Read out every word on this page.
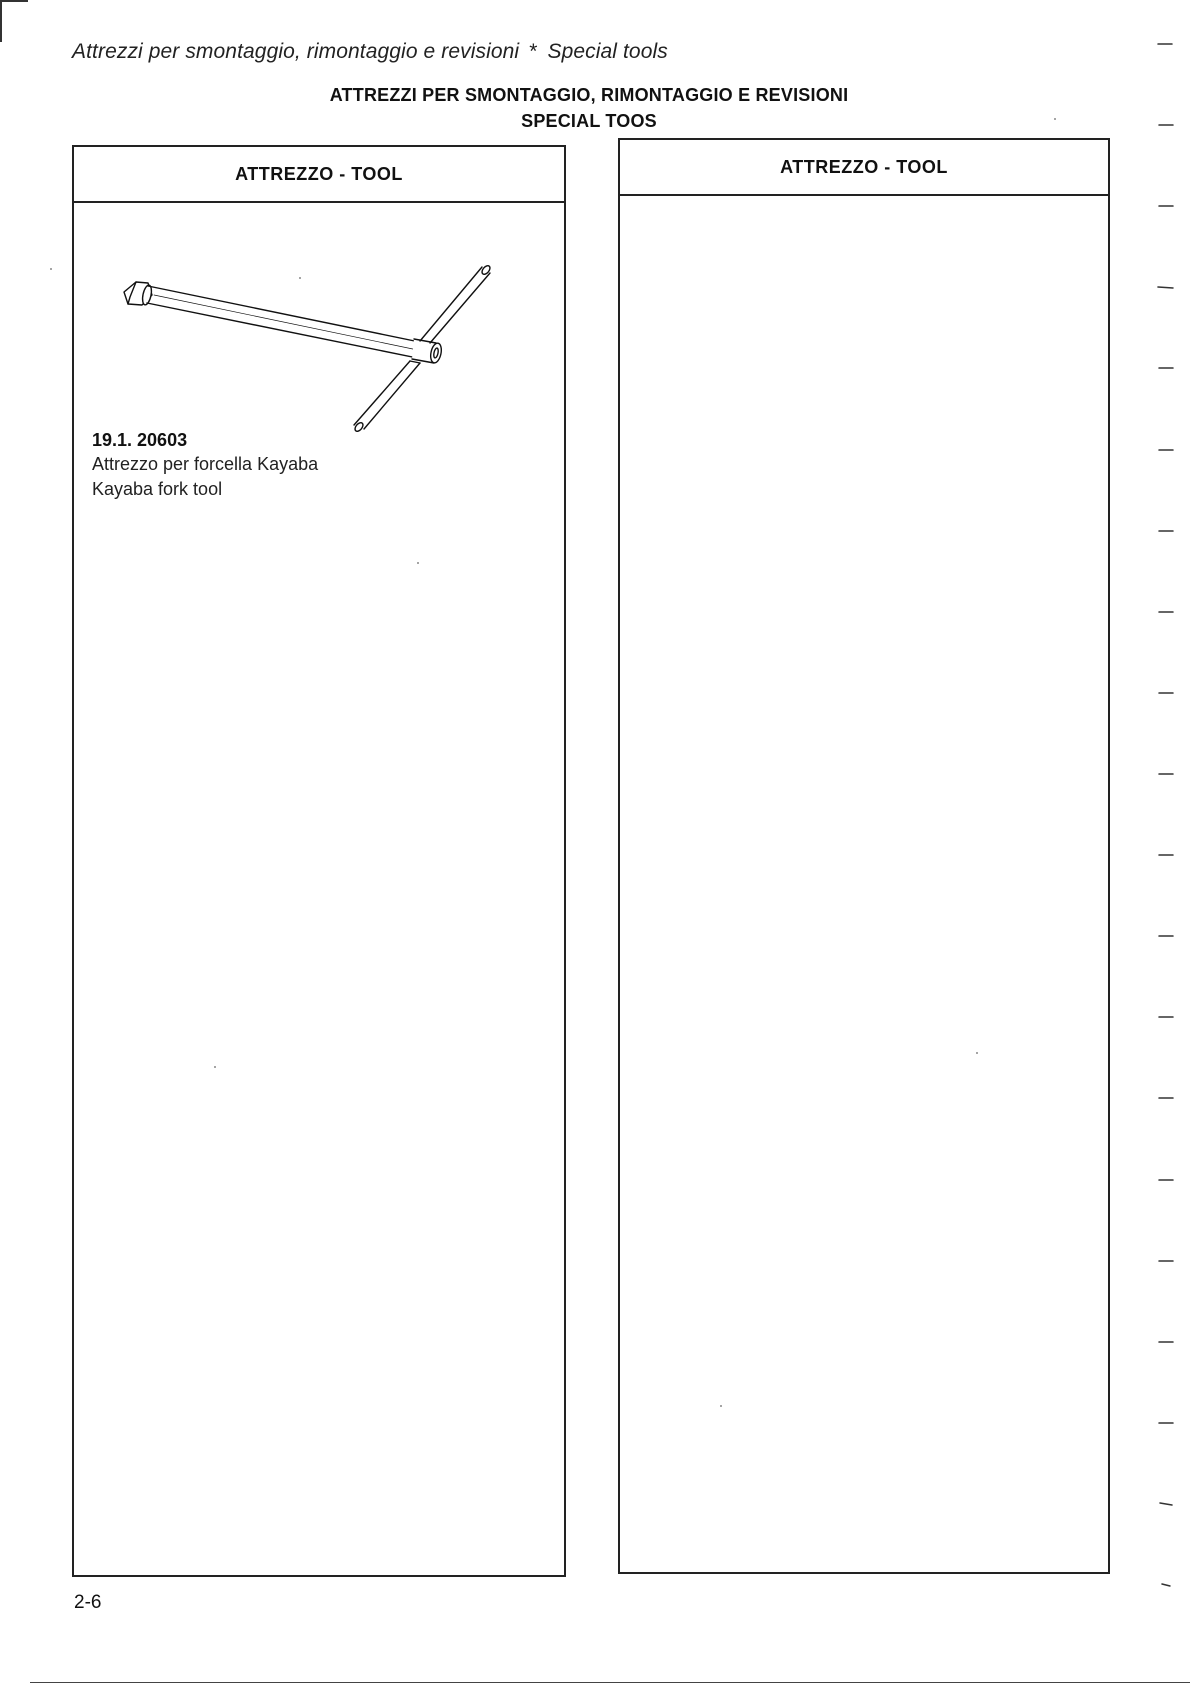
Attrezzi per smontaggio, rimontaggio e revisioni * Special tools
ATTREZZI PER SMONTAGGIO, RIMONTAGGIO E REVISIONI
SPECIAL TOOS
ATTREZZO - TOOL
19.1. 20603
Attrezzo per forcella Kayaba
Kayaba fork tool
ATTREZZO - TOOL
2-6
